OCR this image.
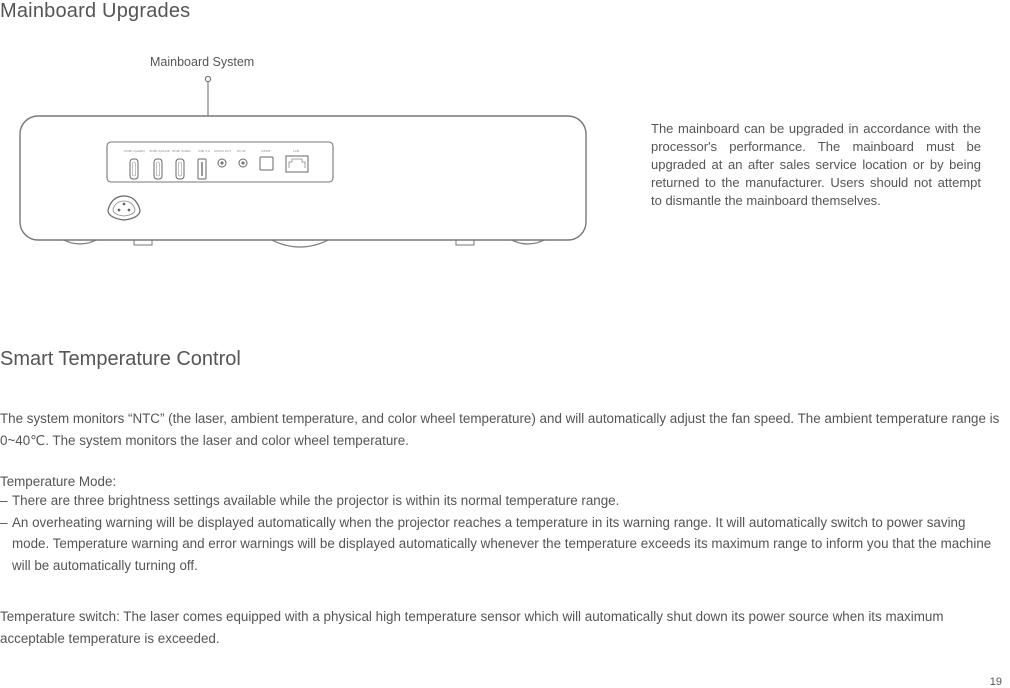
Mainboard Upgrades
Mainboard System
HDMI 1(eARC) HDMI 2(ALLM) HDMI 3(ARC) USB 3.0 AUDIO OUT DC IN	S/PDIF	LAN
The mainboard can be upgraded in accordance with the processor's performance. The mainboard must be upgraded at an after sales service location or by being returned to the manufacturer. Users should not attempt to dismantle the mainboard themselves.
Smart Temperature Control
The system monitors “NTC” (the laser, ambient temperature, and color wheel temperature) and will automatically adjust the fan speed. The ambient temperature range is 0~40℃. The system monitors the laser and color wheel temperature.
Temperature Mode:
– There are three brightness settings available while the projector is within its normal temperature range.
– An overheating warning will be displayed automatically when the projector reaches a temperature in its warning range. It will automatically switch to power saving mode. Temperature warning and error warnings will be displayed automatically whenever the temperature exceeds its maximum range to inform you that the machine will be automatically turning off.
Temperature switch: The laser comes equipped with a physical high temperature sensor which will automatically shut down its power source when its maximum acceptable temperature is exceeded.
19
